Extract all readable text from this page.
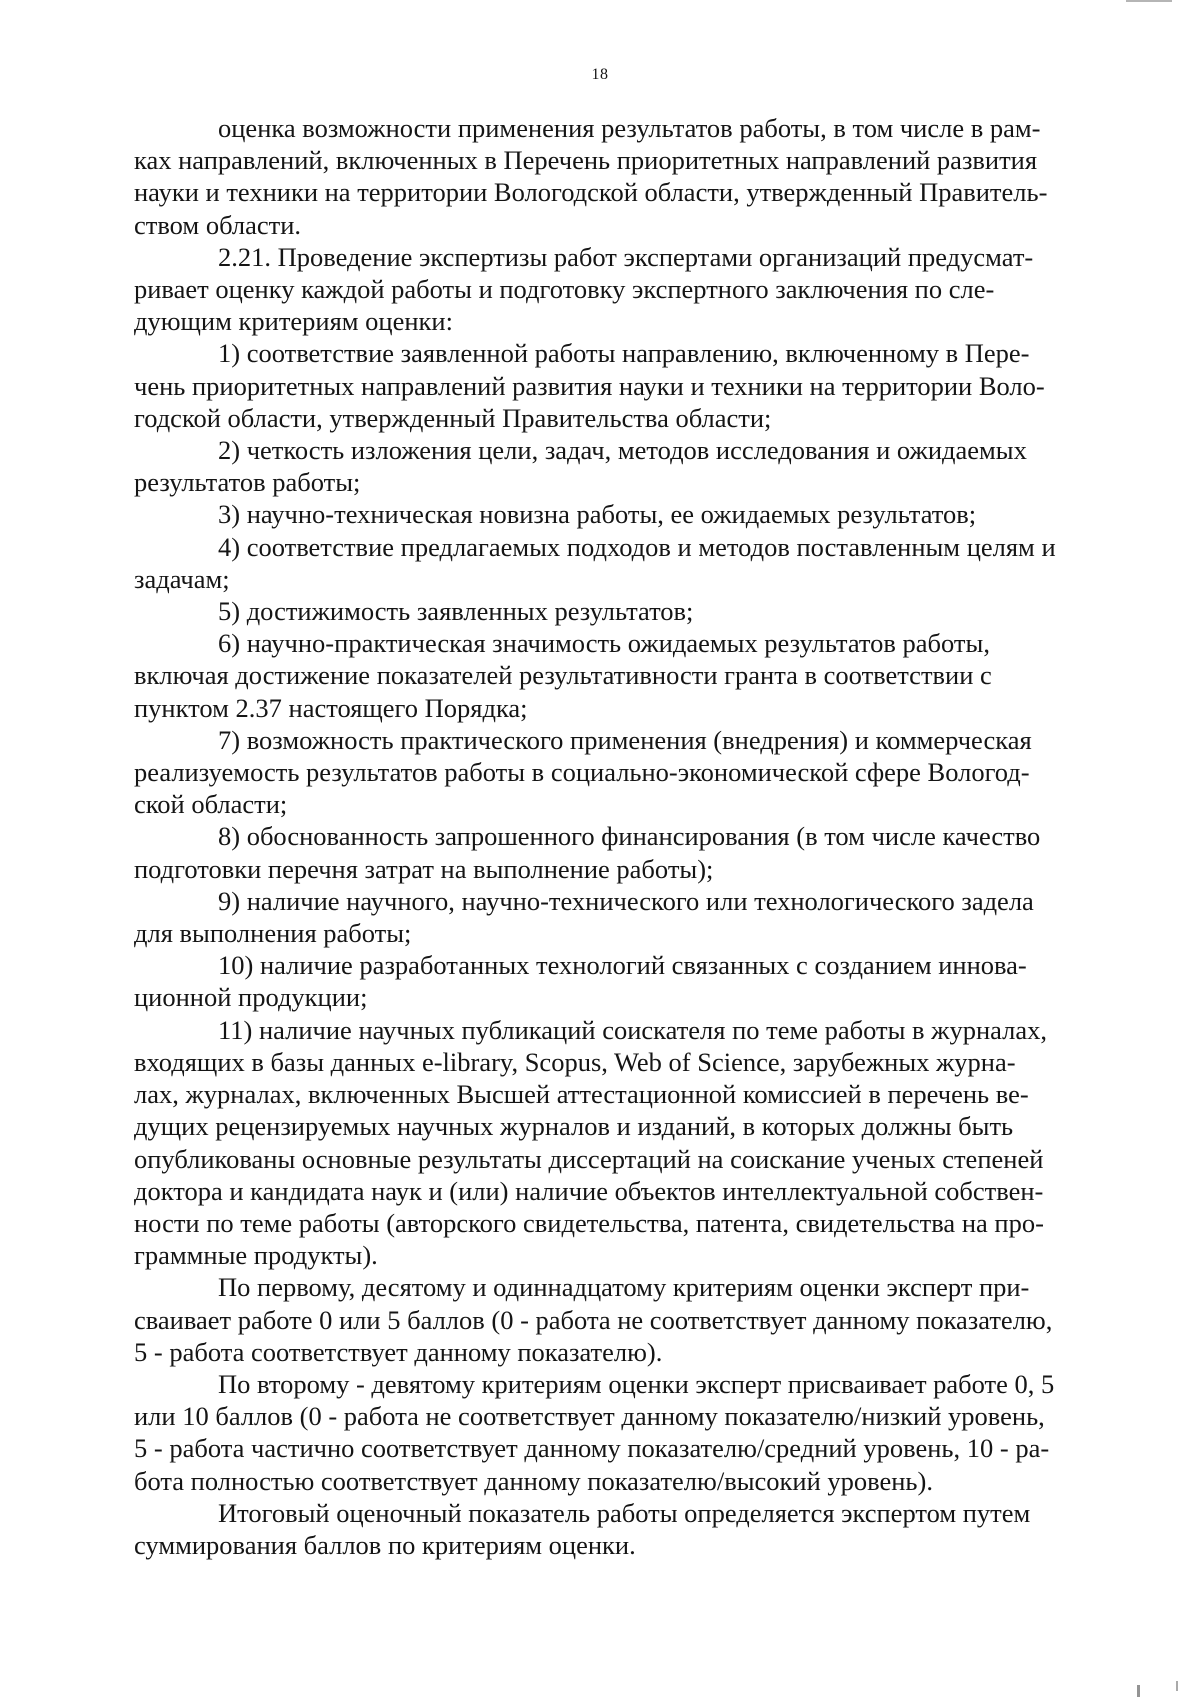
18

оценка возможности применения результатов работы, в том числе в рам-
ках направлений, включенных в Перечень приоритетных направлений развития
науки и техники на территории Вологодской области, утвержденный Правитель-
ством области.

2.21. Проведение экспертизы работ экспертами организаций предусмат-
ривает оценку каждой работы и подготовку экспертного заключения по сле-
дующим критериям оценки:

1) соответствие заявленной работы направлению, включенному в Пере-
чень приоритетных направлений развития науки и техники на территории Воло-
годской области, утвержденный Правительства области;

2) четкость изложения цели, задач, методов исследования и ожидаемых
результатов работы;

3) научно-техническая новизна работы, ее ожидаемых результатов;

4) соответствие предлагаемых подходов и методов поставленным целям и
задачам;

5) достижимость заявленных результатов;

6) научно-практическая значимость ожидаемых результатов работы,
включая достижение показателей результативности гранта в соответствии с
пунктом 2.37 настоящего Порядка;

7) возможность практического применения (внедрения) и коммерческая
реализуемость результатов работы в социально-экономической сфере Вологод-
ской области;

8) обоснованность запрошенного финансирования (в том числе качество
подготовки перечня затрат на выполнение работы);

9) наличие научного, научно-технического или технологического задела
для выполнения работы;

10) наличие разработанных технологий связанных с созданием иннова-
ционной продукции;

11) наличие научных публикаций соискателя по теме работы в журналах,
входящих в базы данных e-library, Scopus, Web of Science, зарубежных журна-
лах, журналах, включенных Высшей аттестационной комиссией в перечень ве-
дущих рецензируемых научных журналов и изданий, в которых должны быть
опубликованы основные результаты диссертаций на соискание ученых степеней
доктора и кандидата наук и (или) наличие объектов интеллектуальной собствен-
ности по теме работы (авторского свидетельства, патента, свидетельства на про-
граммные продукты).

По первому, десятому и одиннадцатому критериям оценки эксперт при-
сваивает работе 0 или 5 баллов (0 - работа не соответствует данному показателю,
5 - работа соответствует данному показателю).

По второму - девятому критериям оценки эксперт присваивает работе 0, 5
или 10 баллов (0 - работа не соответствует данному показателю/низкий уровень,
5 - работа частично соответствует данному показателю/средний уровень, 10 - ра-
бота полностью соответствует данному показателю/высокий уровень).

Итоговый оценочный показатель работы определяется экспертом путем
суммирования баллов по критериям оценки.
